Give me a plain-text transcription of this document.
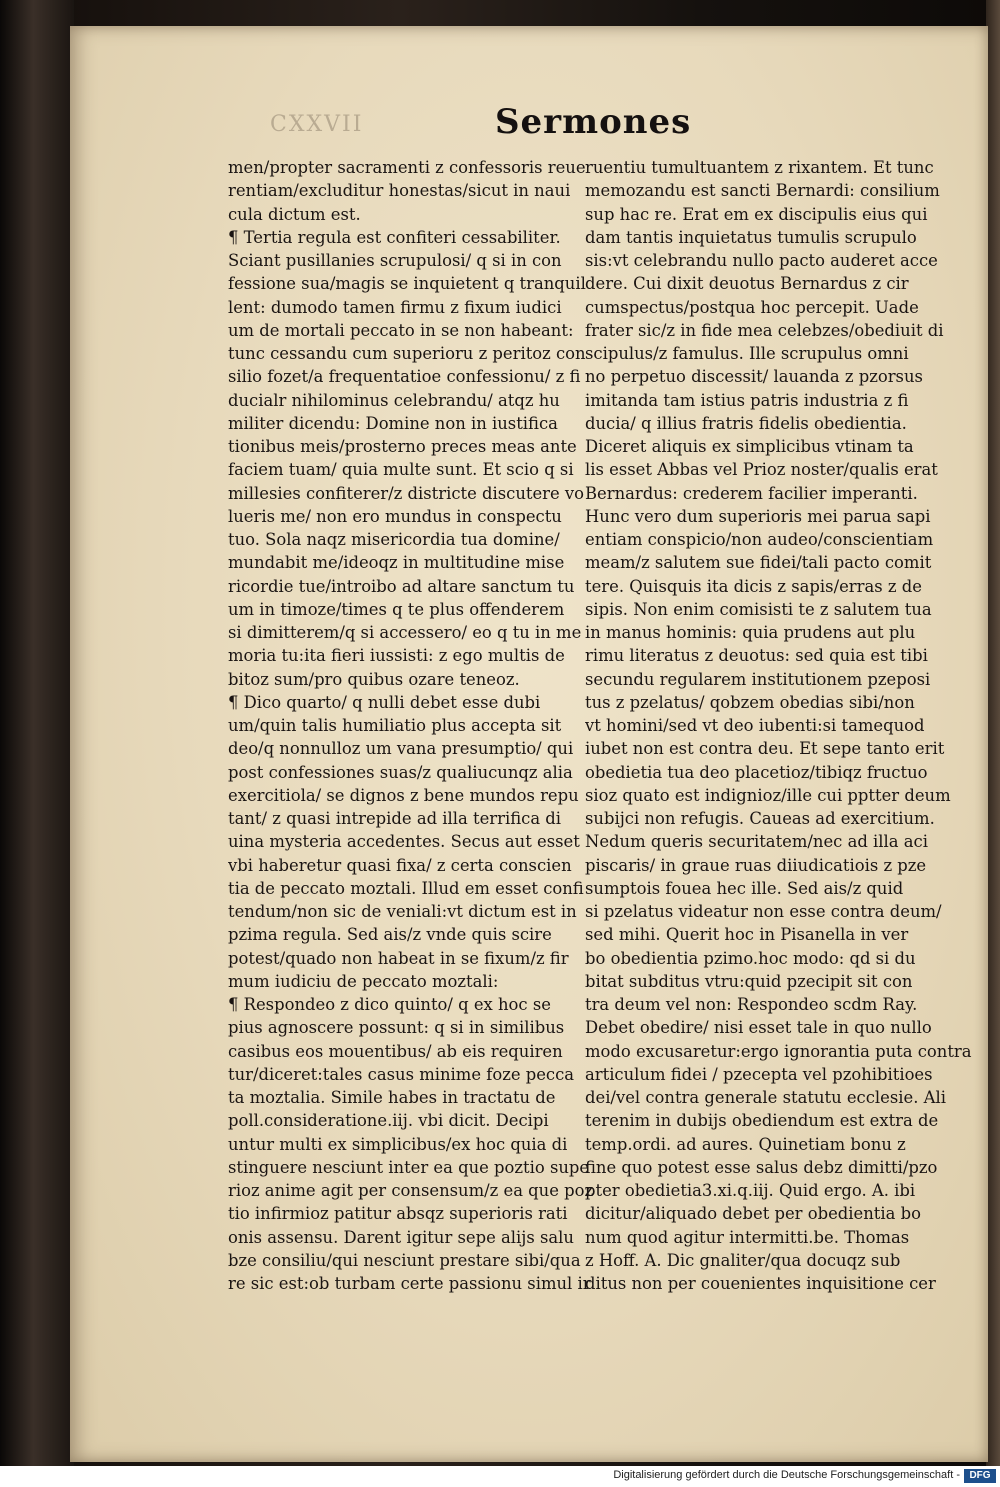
CXXVII	Sermones
men/propter sacramenti z confessoris reue
rentiam/excluditur honestas/sicut in naui
cula dictum est.
¶ Tertia regula est confiteri cessabiliter.
Sciant pusillanies scrupulosi/ q si in con
fessione sua/magis se inquietent q tranquil
lent: dumodo tamen firmu z fixum iudici
um de mortali peccato in se non habeant:
tunc cessandu cum superioru z peritoz con
silio fozet/a frequentatioe confessionu/ z fi
ducialr nihilominus celebrandu/ atqz hu
militer dicendu: Domine non in iustifica
tionibus meis/prosterno preces meas ante
faciem tuam/ quia multe sunt. Et scio q si
millesies confiterer/z districte discutere vo
lueris me/ non ero mundus in conspectu
tuo. Sola naqz misericordia tua domine/
mundabit me/ideoqz in multitudine mise
ricordie tue/introibo ad altare sanctum tu
um in timoze/times q te plus offenderem
si dimitterem/q si accessero/ eo q tu in me
moria tu:ita fieri iussisti: z ego multis de
bitoz sum/pro quibus ozare teneoz.
¶ Dico quarto/ q nulli debet esse dubi
um/quin talis humiliatio plus accepta sit
deo/q nonnulloz um vana presumptio/ qui
post confessiones suas/z qualiucunqz alia
exercitiola/ se dignos z bene mundos repu
tant/ z quasi intrepide ad illa terrifica di
uina mysteria accedentes. Secus aut esset
vbi haberetur quasi fixa/ z certa conscien
tia de peccato moztali. Illud em esset confi
tendum/non sic de veniali:vt dictum est in
pzima regula. Sed ais/z vnde quis scire
potest/quado non habeat in se fixum/z fir
mum iudiciu de peccato moztali:
¶ Respondeo z dico quinto/ q ex hoc se
pius agnoscere possunt: q si in similibus
casibus eos mouentibus/ ab eis requiren
tur/diceret:tales casus minime foze pecca
ta moztalia. Simile habes in tractatu de
poll.consideratione.iij. vbi dicit. Decipi
untur multi ex simplicibus/ex hoc quia di
stinguere nesciunt inter ea que poztio supe
rioz anime agit per consensum/z ea que poz
tio infirmioz patitur absqz superioris rati
onis assensu. Darent igitur sepe alijs salu
bze consiliu/qui nesciunt prestare sibi/qua
re sic est:ob turbam certe passionu simul ir
ruentiu tumultuantem z rixantem. Et tunc
memozandu est sancti Bernardi: consilium
sup hac re. Erat em ex discipulis eius qui
dam tantis inquietatus tumulis scrupulo
sis:vt celebrandu nullo pacto auderet acce
dere. Cui dixit deuotus Bernardus z cir
cumspectus/postqua hoc percepit. Uade
frater sic/z in fide mea celebzes/obediuit di
scipulus/z famulus. Ille scrupulus omni
no perpetuo discessit/ lauanda z pzorsus
imitanda tam istius patris industria z fi
ducia/ q illius fratris fidelis obedientia.
Diceret aliquis ex simplicibus vtinam ta
lis esset Abbas vel Prioz noster/qualis erat
Bernardus: crederem facilier imperanti.
Hunc vero dum superioris mei parua sapi
entiam conspicio/non audeo/conscientiam
meam/z salutem sue fidei/tali pacto comit
tere. Quisquis ita dicis z sapis/erras z de
sipis. Non enim comisisti te z salutem tua
in manus hominis: quia prudens aut plu
rimu literatus z deuotus: sed quia est tibi
secundu regularem institutionem pzeposi
tus z pzelatus/ qobzem obedias sibi/non
vt homini/sed vt deo iubenti:si tamequod
iubet non est contra deu. Et sepe tanto erit
obedietia tua deo placetioz/tibiqz fructuo
sioz quato est indignioz/ille cui pptter deum
subijci non refugis. Caueas ad exercitium.
Nedum queris securitatem/nec ad illa aci
piscaris/ in graue ruas diiudicatiois z pze
sumptois fouea hec ille. Sed ais/z quid
si pzelatus videatur non esse contra deum/
sed mihi. Querit hoc in Pisanella in ver
bo obedientia pzimo.hoc modo: qd si du
bitat subditus vtru:quid pzecipit sit con
tra deum vel non: Respondeo scdm Ray.
Debet obedire/ nisi esset tale in quo nullo
modo excusaretur:ergo ignorantia puta contra
articulum fidei / pzecepta vel pzohibitioes
dei/vel contra generale statutu ecclesie. Ali
terenim in dubijs obediendum est extra de
temp.ordi. ad aures. Quinetiam bonu z
fine quo potest esse salus debz dimitti/pzo
pter obedietia3.xi.q.iij. Quid ergo. A. ibi
dicitur/aliquado debet per obedientia bo
num quod agitur intermitti.be. Thomas
z Hoff. A. Dic gnaliter/qua docuqz sub
ditus non per couenientes inquisitione cer
Digitalisierung gefördert durch die Deutsche Forschungsgemeinschaft - DFG
